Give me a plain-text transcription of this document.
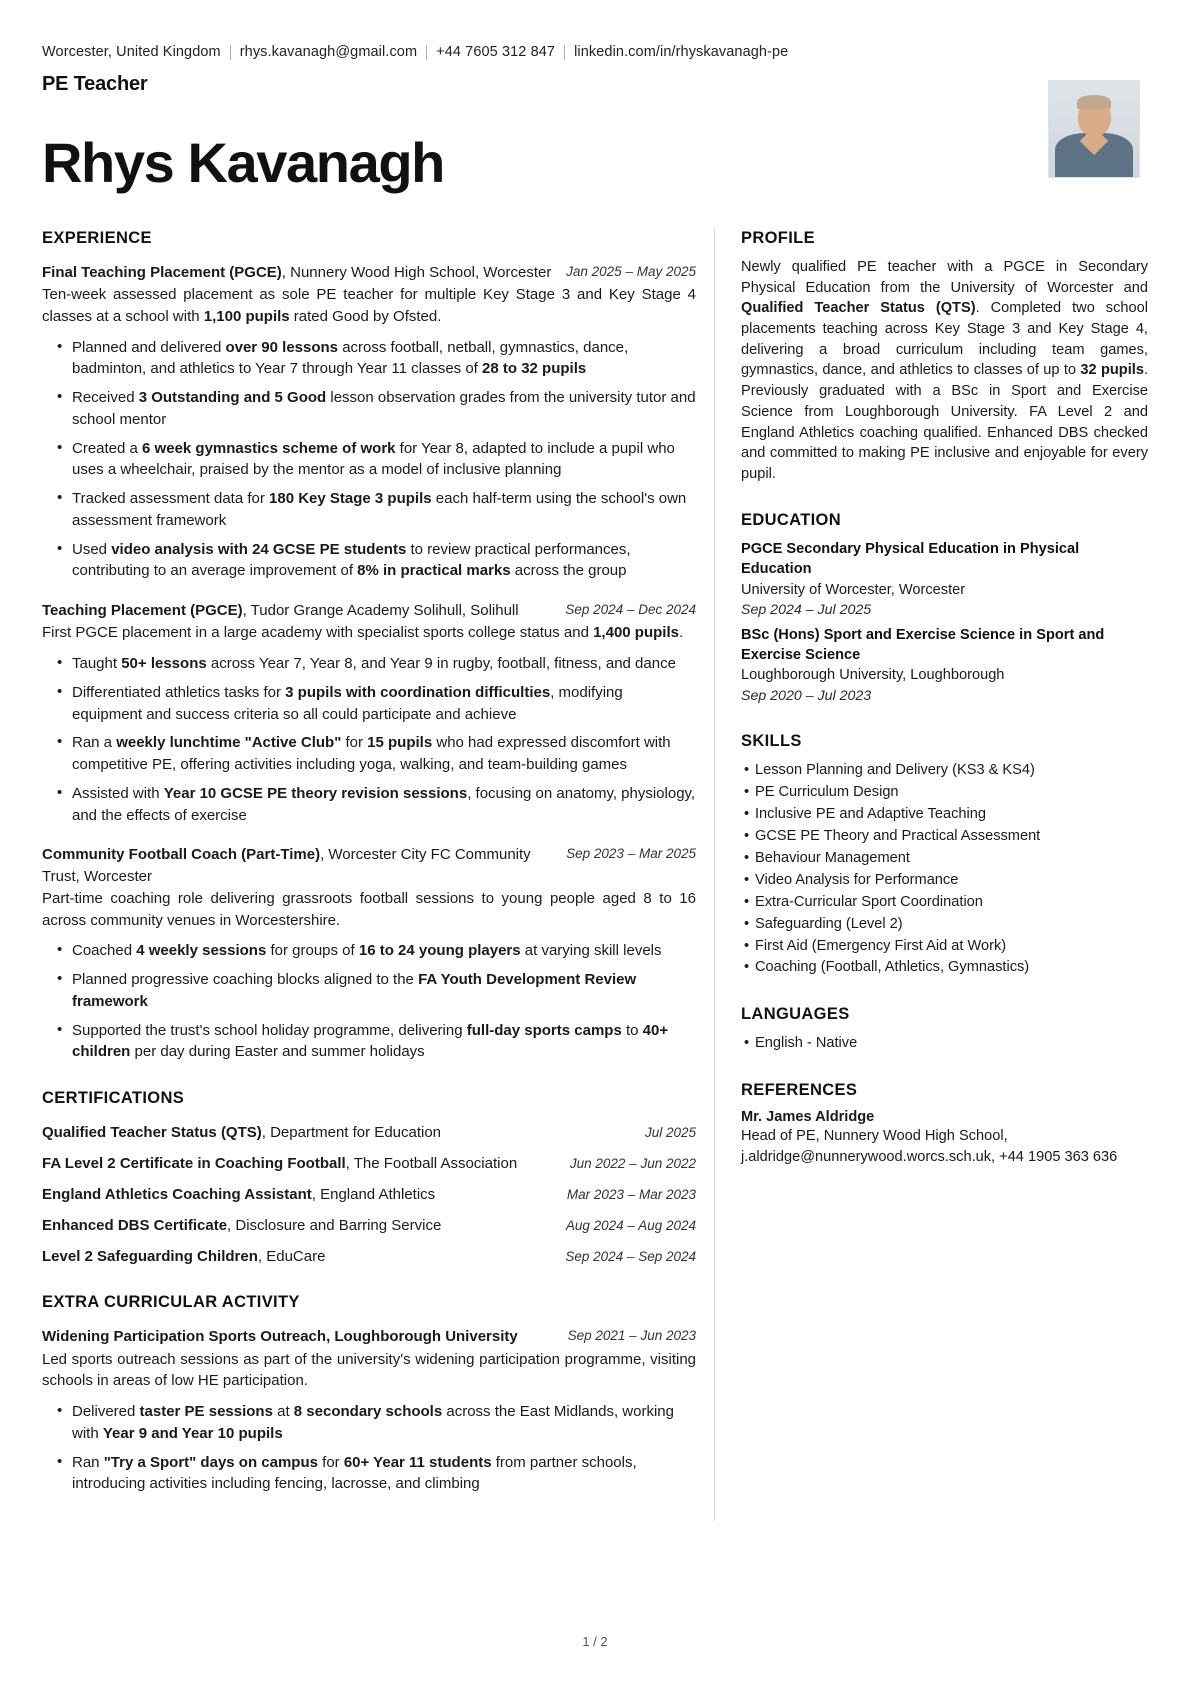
Worcester, United Kingdom	rhys.kavanagh@gmail.com	+44 7605 312 847	linkedin.com/in/rhyskavanagh-pe
PE Teacher
Rhys Kavanagh
EXPERIENCE
Final Teaching Placement (PGCE), Nunnery Wood High School, Worcester Jan 2025 – May 2025
Ten-week assessed placement as sole PE teacher for multiple Key Stage 3 and Key Stage 4 classes at a school with 1,100 pupils rated Good by Ofsted.
• Planned and delivered over 90 lessons across football, netball, gymnastics, dance, badminton, and athletics to Year 7 through Year 11 classes of 28 to 32 pupils
• Received 3 Outstanding and 5 Good lesson observation grades from the university tutor and school mentor
• Created a 6 week gymnastics scheme of work for Year 8, adapted to include a pupil who uses a wheelchair, praised by the mentor as a model of inclusive planning
• Tracked assessment data for 180 Key Stage 3 pupils each half-term using the school's own assessment framework
• Used video analysis with 24 GCSE PE students to review practical performances, contributing to an average improvement of 8% in practical marks across the group
Teaching Placement (PGCE), Tudor Grange Academy Solihull, Solihull	Sep 2024 – Dec 2024
First PGCE placement in a large academy with specialist sports college status and 1,400 pupils.
• Taught 50+ lessons across Year 7, Year 8, and Year 9 in rugby, football, fitness, and dance
• Differentiated athletics tasks for 3 pupils with coordination difficulties, modifying equipment and success criteria so all could participate and achieve
• Ran a weekly lunchtime "Active Club" for 15 pupils who had expressed discomfort with competitive PE, offering activities including yoga, walking, and team-building games
• Assisted with Year 10 GCSE PE theory revision sessions, focusing on anatomy, physiology, and the effects of exercise
Community Football Coach (Part-Time), Worcester City FC Community Trust, Worcester
Sep 2023 – Mar 2025
Part-time coaching role delivering grassroots football sessions to young people aged 8 to 16 across community venues in Worcestershire.
• Coached 4 weekly sessions for groups of 16 to 24 young players at varying skill levels
• Planned progressive coaching blocks aligned to the FA Youth Development Review framework
• Supported the trust's school holiday programme, delivering full-day sports camps to 40+ children per day during Easter and summer holidays
CERTIFICATIONS
Qualified Teacher Status (QTS), Department for Education	Jul 2025
FA Level 2 Certificate in Coaching Football, The Football Association	Jun 2022 – Jun 2022
England Athletics Coaching Assistant, England Athletics	Mar 2023 – Mar 2023
Enhanced DBS Certificate, Disclosure and Barring Service	Aug 2024 – Aug 2024
Level 2 Safeguarding Children, EduCare	Sep 2024 – Sep 2024
EXTRA CURRICULAR ACTIVITY
Widening Participation Sports Outreach, Loughborough University	Sep 2021 – Jun 2023
Led sports outreach sessions as part of the university's widening participation programme, visiting schools in areas of low HE participation.
• Delivered taster PE sessions at 8 secondary schools across the East Midlands, working with Year 9 and Year 10 pupils
• Ran "Try a Sport" days on campus for 60+ Year 11 students from partner schools, introducing activities including fencing, lacrosse, and climbing
PROFILE
Newly qualified PE teacher with a PGCE in Secondary Physical Education from the University of Worcester and Qualified Teacher Status (QTS). Completed two school placements teaching across Key Stage 3 and Key Stage 4, delivering a broad curriculum including team games, gymnastics, dance, and athletics to classes of up to 32 pupils. Previously graduated with a BSc in Sport and Exercise Science from Loughborough University. FA Level 2 and England Athletics coaching qualified. Enhanced DBS checked and committed to making PE inclusive and enjoyable for every pupil.
EDUCATION
PGCE Secondary Physical Education in Physical Education
University of Worcester, Worcester
Sep 2024 – Jul 2025
BSc (Hons) Sport and Exercise Science in Sport and Exercise Science
Loughborough University, Loughborough
Sep 2020 – Jul 2023
SKILLS
• Lesson Planning and Delivery (KS3 & KS4)
• PE Curriculum Design
• Inclusive PE and Adaptive Teaching
• GCSE PE Theory and Practical Assessment
• Behaviour Management
• Video Analysis for Performance
• Extra-Curricular Sport Coordination
• Safeguarding (Level 2)
• First Aid (Emergency First Aid at Work)
• Coaching (Football, Athletics, Gymnastics)
LANGUAGES
• English - Native
REFERENCES
Mr. James Aldridge
Head of PE, Nunnery Wood High School, j.aldridge@nunnerywood.worcs.sch.uk, +44 1905 363 636
1 / 2
